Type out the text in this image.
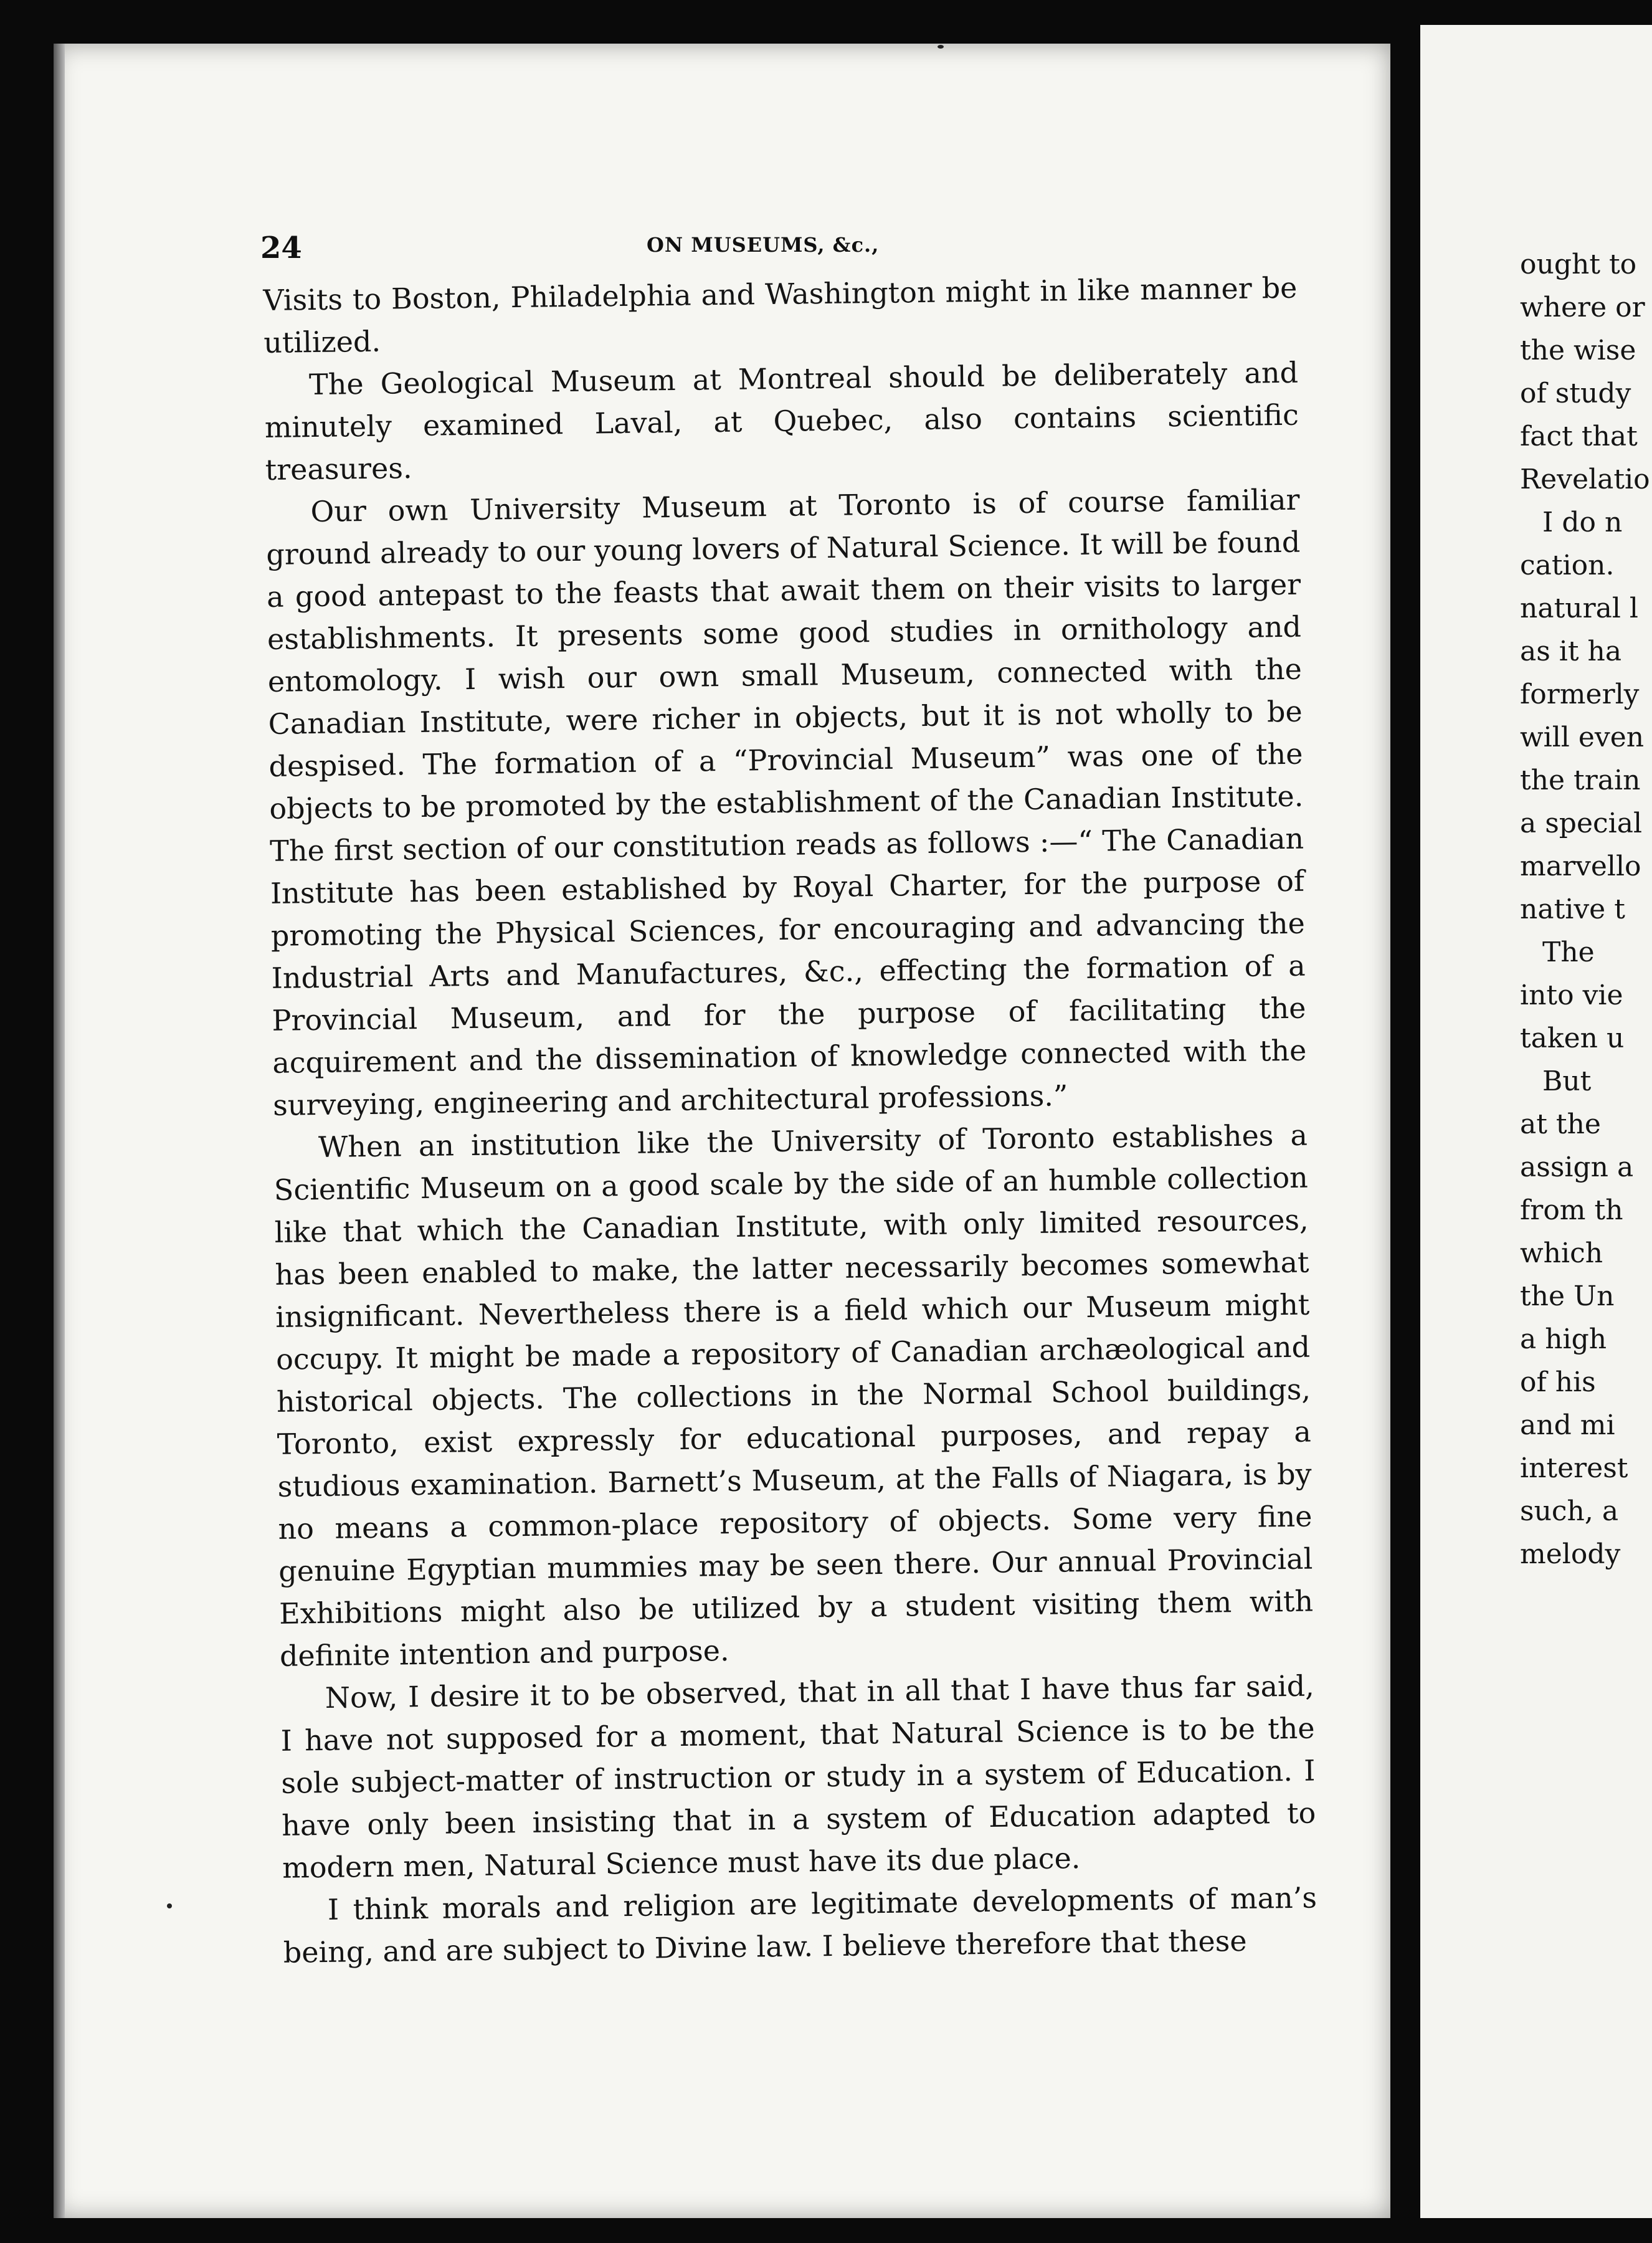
24	ON MUSEUMS, &c.,

Visits to Boston, Philadelphia and Washington might in like manner be utilized.

The Geological Museum at Montreal should be deliberately and minutely examined Laval, at Quebec, also contains scientific treasures.

Our own University Museum at Toronto is of course familiar ground already to our young lovers of Natural Science. It will be found a good antepast to the feasts that await them on their visits to larger establishments. It presents some good studies in ornithology and entomology. I wish our own small Museum, connected with the Canadian Institute, were richer in objects, but it is not wholly to be despised. The formation of a “Provincial Museum” was one of the objects to be promoted by the establishment of the Canadian Institute. The first section of our constitution reads as follows :—“ The Canadian Institute has been established by Royal Charter, for the purpose of promoting the Physical Sciences, for encouraging and advancing the Industrial Arts and Manufactures, &c., effecting the formation of a Provincial Museum, and for the purpose of facilitating the acquirement and the dissemination of knowledge connected with the surveying, engineering and architectural professions.”

When an institution like the University of Toronto establishes a Scientific Museum on a good scale by the side of an humble collection like that which the Canadian Institute, with only limited resources, has been enabled to make, the latter necessarily becomes somewhat insignificant. Nevertheless there is a field which our Museum might occupy. It might be made a repository of Canadian archæological and historical objects. The collections in the Normal School buildings, Toronto, exist expressly for educational purposes, and repay a studious examination. Barnett’s Museum, at the Falls of Niagara, is by no means a common-place repository of objects. Some very fine genuine Egyptian mummies may be seen there. Our annual Provincial Exhibitions might also be utilized by a student visiting them with definite intention and purpose.

Now, I desire it to be observed, that in all that I have thus far said, I have not supposed for a moment, that Natural Science is to be the sole subject-matter of instruction or study in a system of Education. I have only been insisting that in a system of Education adapted to modern men, Natural Science must have its due place.

I think morals and religion are legitimate developments of man’s being, and are subject to Divine law. I believe therefore that these

ought to
where or
the wise
of study
fact that
Revelatio
I do n
cation.
natural l
as it ha
formerly
will even
the train
a special
marvello
native t
The
into vie
taken u
But
at the
assign a
from th
which
the Un
a high
of his
and mi
interest
such, a
melody
